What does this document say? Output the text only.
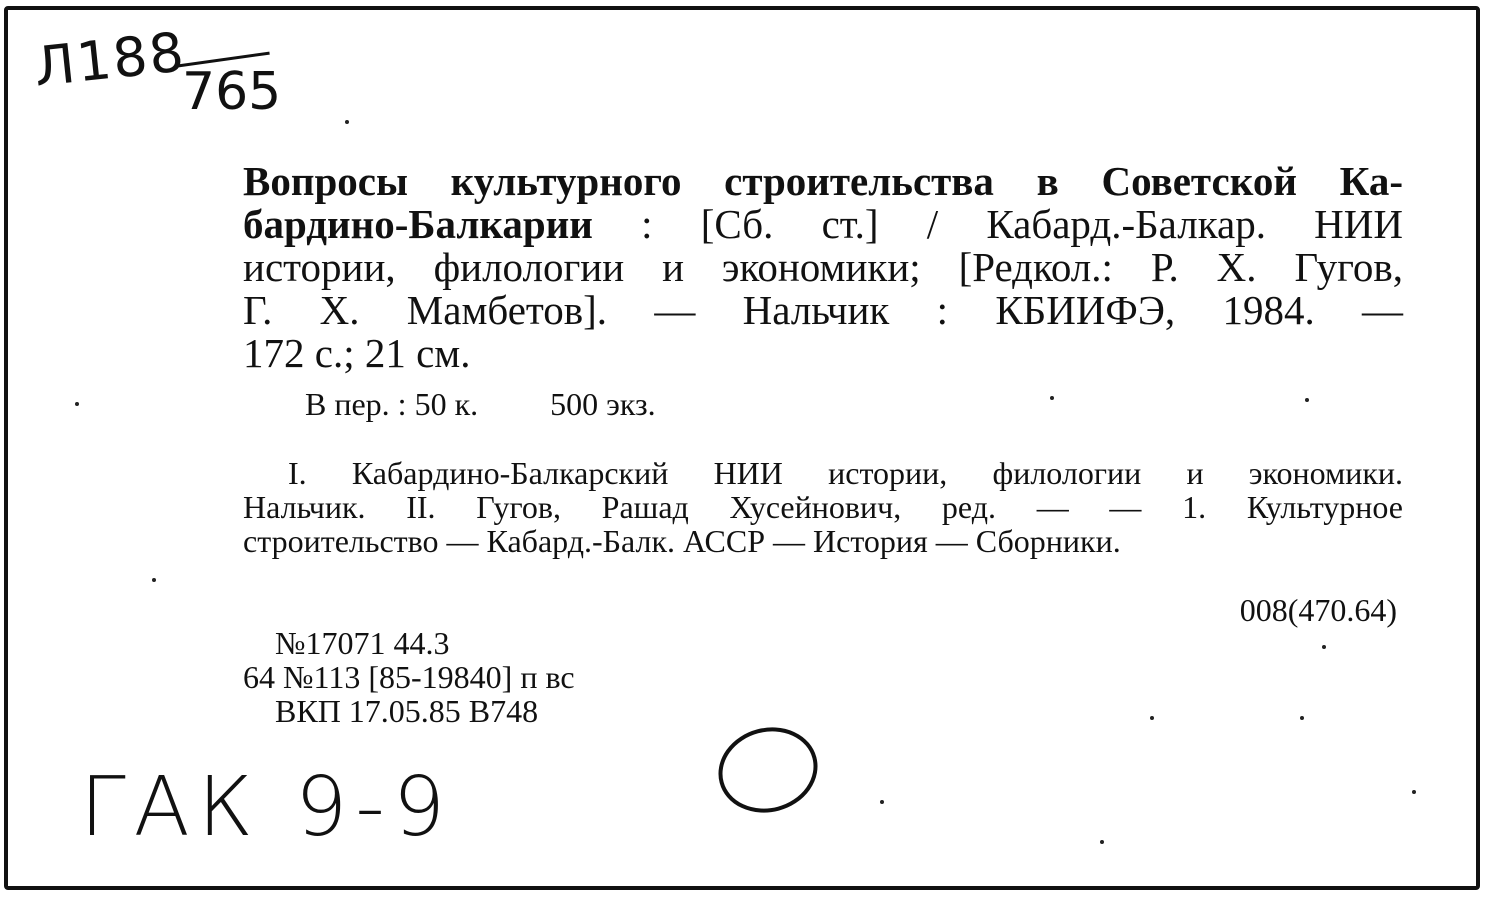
Л188
765

Вопросы культурного строительства в Советской Ка-

бардино-Балкарии : [Сб. ст.] / Кабард.-Балкар. НИИ

истории, филологии и экономики; [Редкол.: Р. Х. Гугов,

Г. Х. Мамбетов]. — Нальчик : КБИИФЭ, 1984. —

172 с.; 21 см.

В пер. : 50 к. 500 экз.

I. Кабардино-Балкарский НИИ истории, филологии и экономики.

Нальчик. II. Гугов, Рашад Хусейнович, ред. — — 1. Культурное

строительство — Кабард.-Балк. АССР — История — Сборники.

008(470.64)
№17071 44.3
64 №113 [85-19840] п вс
ВКП 17.05.85 В748
ГАК 9-9
